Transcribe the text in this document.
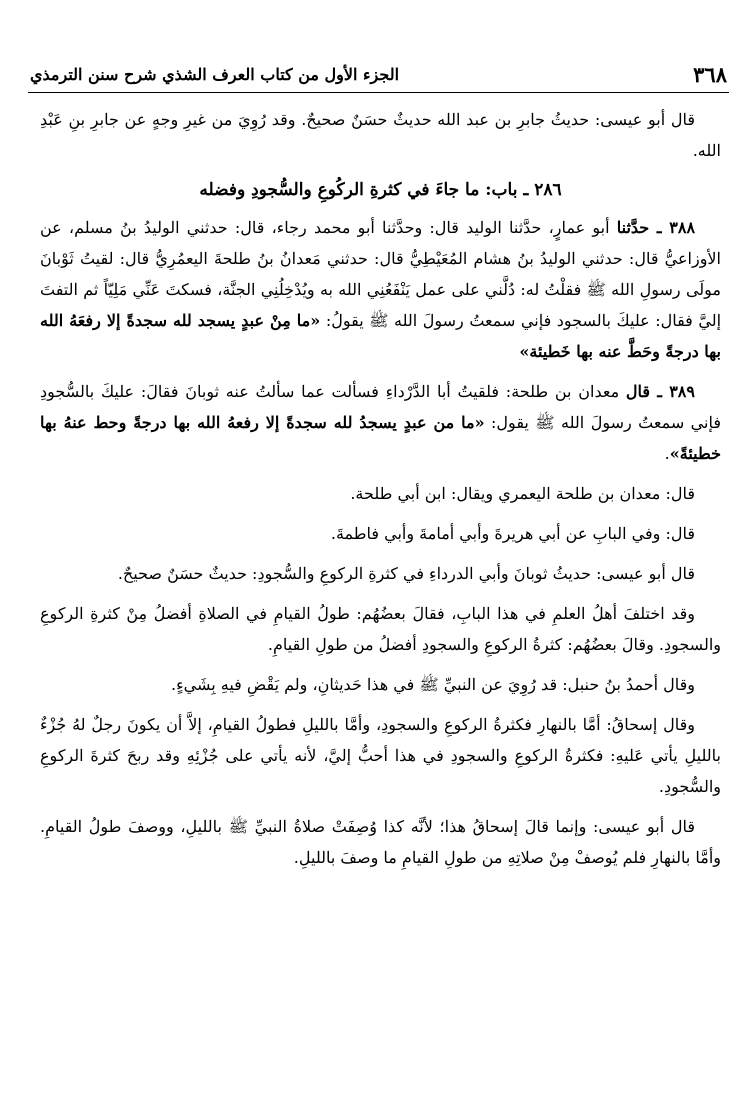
٣٦٨
الجزء الأول من كتاب العرف الشذي شرح سنن الترمذي

قال أبو عيسى: حديثُ جابرِ بن عبد الله حديثٌ حسَنٌ صحيحٌ. وقد رُوِيَ من غيرِ وجهٍ عن جابرِ بنِ عَبْدِ الله.

٢٨٦ ـ باب: ما جاءَ في كثرةِ الركُوعِ والسُّجودِ وفضله

٣٨٨ ـ حدَّثنا أبو عمارٍ، حدَّثنا الوليد قال: وحدَّثنا أبو محمد رجاء، قال: حدثني الوليدُ بنُ مسلم، عن الأوزاعيُّ قال: حدثني الوليدُ بنُ هشام المُعَيْطِيُّ قال: حدثني مَعدانُ بنُ طلحةَ اليعمُرِيُّ قال: لقيتُ ثَوْبانَ مولَى رسولِ الله ﷺ فقلْتُ له: دُلَّني على عمل يَنْفَعُنِي الله به ويُدْخِلُنِي الجنَّة، فسكتَ عَنِّي مَلِيّاً ثم التفتَ إليَّ فقال: عليكَ بالسجود فإني سمعتُ رسولَ الله ﷺ يقولُ: «ما مِنْ عبدٍ يسجد لله سجدةً إلا رفعَهُ الله بها درجةً وحَطَّ عنه بها خَطيئة»

٣٨٩ ـ قال معدان بن طلحة: فلقيتُ أبا الدَّرْداءِ فسألت عما سألتُ عنه ثوبانَ فقالَ: عليكَ بالسُّجودِ فإني سمعتُ رسولَ الله ﷺ يقول: «ما من عبدٍ يسجدُ لله سجدةً إلا رفعهُ الله بها درجةً وحط عنهُ بها خطيئةً».

قال: معدان بن طلحة اليعمري ويقال: ابن أبي طلحة.

قال: وفي البابِ عن أبي هريرةَ وأبي أمامةَ وأبي فاطمةَ.

قال أبو عيسى: حديثُ ثوبانَ وأبي الدرداءِ في كثرةِ الركوعِ والسُّجودِ: حديثٌ حسَنٌ صحيحٌ.

وقد اختلفَ أهلُ العلمِ في هذا البابِ، فقالَ بعضُهُم: طولُ القيامِ في الصلاةِ أفضلُ مِنْ كثرةِ الركوعِ والسجودِ. وقالَ بعضُهُم: كثرةُ الركوعِ والسجودِ أفضلُ من طولِ القيامِ.

وقال أحمدُ بنُ حنبل: قد رُوِيَ عن النبيِّ ﷺ في هذا حَديثانِ، ولم يَقْضِ فيهِ بِشَيءٍ.

وقال إسحاقُ: أمَّا بالنهارِ فكثرةُ الركوعِ والسجودِ، وأمَّا بالليلِ فطولُ القيامِ، إلاَّ أن يكونَ رجلٌ لهُ جُزْءٌ بالليلِ يأتي عَليهِ: فكثرةُ الركوعِ والسجودِ في هذا أحبُّ إليَّ، لأنه يأتي على جُزْئِهِ وقد ربحَ كثرةَ الركوعِ والسُّجودِ.

قال أبو عيسى: وإنما قالَ إسحاقُ هذا؛ لأنَّه كذا وُصِفَتْ صلاةُ النبيِّ ﷺ بالليلِ، ووصفَ طولُ القيامِ. وأمَّا بالنهارِ فلم يُوصفْ مِنْ صلاتِهِ من طولِ القيامِ ما وصفَ بالليلِ.
